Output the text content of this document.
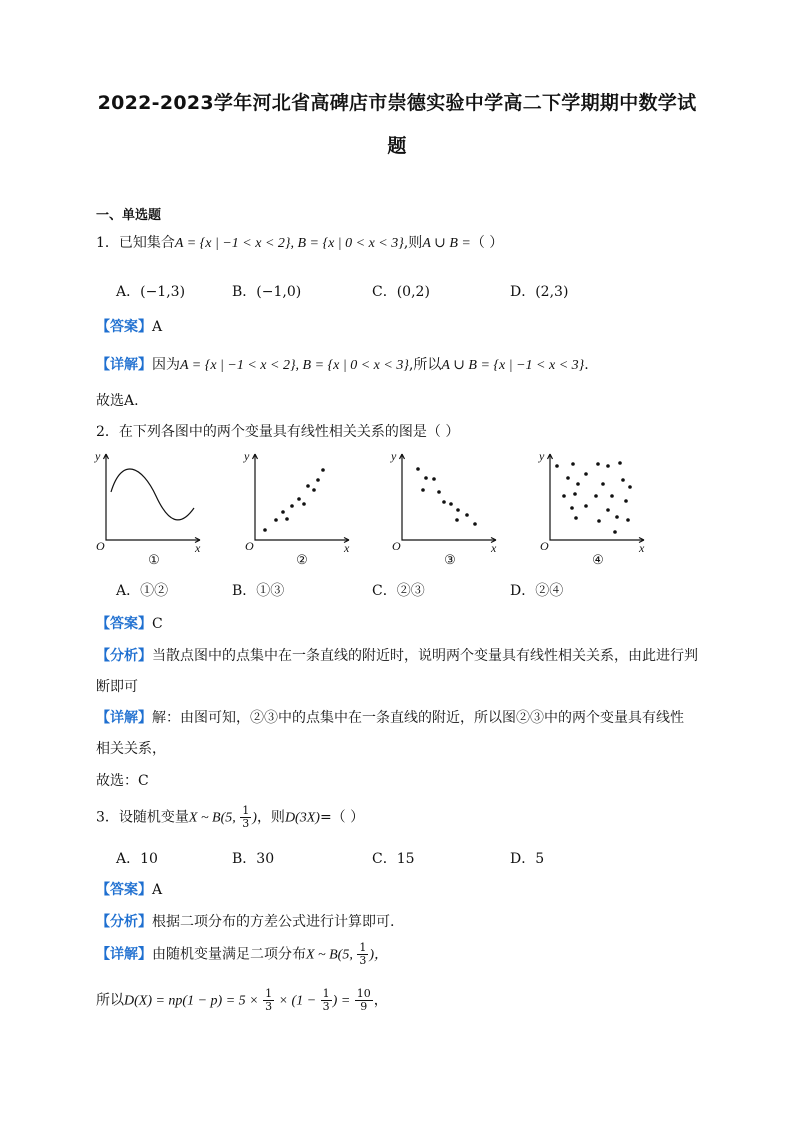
2022-2023学年河北省高碑店市崇德实验中学高二下学期期中数学试
题
一、单选题
1．已知集合A = {x | −1 < x < 2}, B = {x | 0 < x < 3},则A ∪ B =（ ）
A．(−1,3)	B．(−1,0)	C．(0,2)	D．(2,3)
【答案】A
【详解】因为A = {x | −1 < x < 2}, B = {x | 0 < x < 3},所以A ∪ B = {x | −1 < x < 3}.
故选A.
2．在下列各图中的两个变量具有线性相关关系的图是（ ）
y
O	x
y
O	x
y
O	x
y
O	x
①	②	③	④
A．①②	B．①③	C．②③	D．②④
【答案】C
【分析】当散点图中的点集中在一条直线的附近时，说明两个变量具有线性相关关系，由此进行判
断即可
【详解】解：由图可知，②③中的点集中在一条直线的附近，所以图②③中的两个变量具有线性
相关关系，
故选：C
3．设随机变量X ~ B(5, $\frac{1}{3}$ )，则D(3X)=（ ）
A．10	B．30	C．15	D．5
【答案】A
【分析】根据二项分布的方差公式进行计算即可.
【详解】由随机变量满足二项分布X ~ B(5, $\frac{1}{3}$ )，
所以$D(X) = np(1 - p) = 5 \times \frac{1}{3} \times (1 - \frac{1}{3}$ ) = $\frac{10}{9}$ ，
